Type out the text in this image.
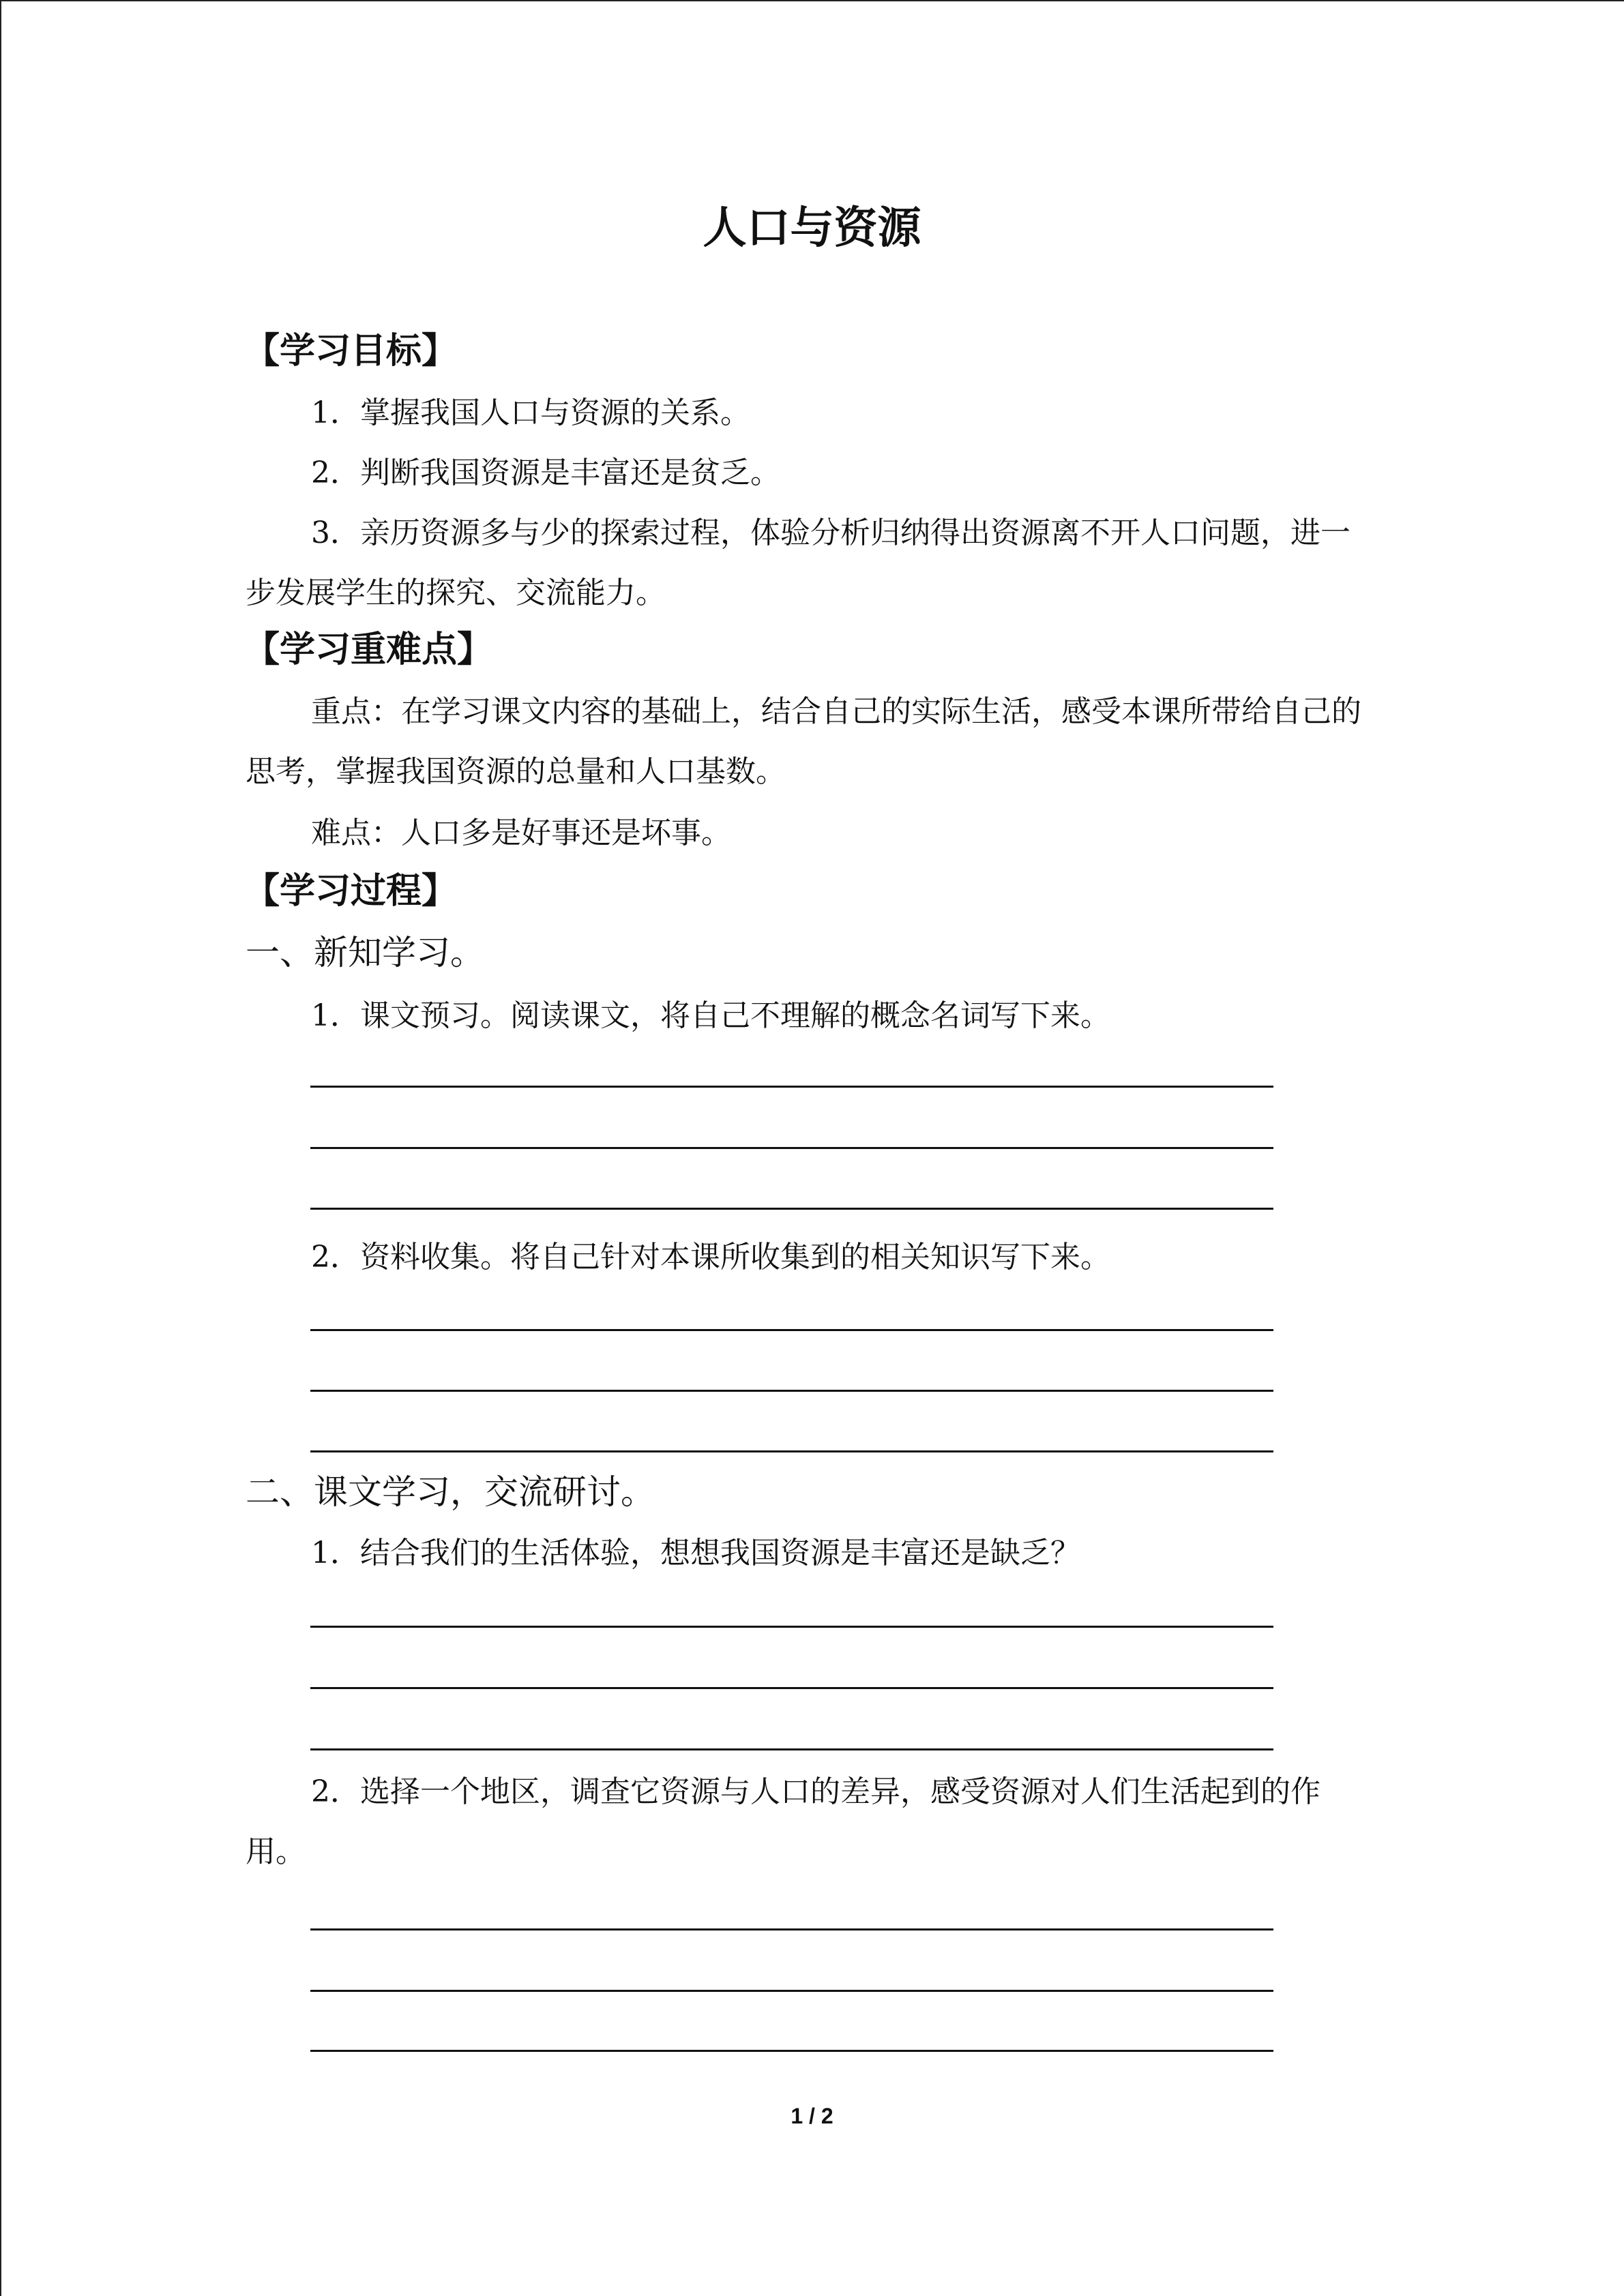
人口与资源
【学习目标】

1．掌握我国人口与资源的关系。

2．判断我国资源是丰富还是贫乏。

3．亲历资源多与少的探索过程，体验分析归纳得出资源离不开人口问题，进一步发展学生的探究、交流能力。

【学习重难点】

重点：在学习课文内容的基础上，结合自己的实际生活，感受本课所带给自己的思考，掌握我国资源的总量和人口基数。

难点：人口多是好事还是坏事。

【学习过程】
一、新知学习。

1．课文预习。阅读课文，将自己不理解的概念名词写下来。

2．资料收集。将自己针对本课所收集到的相关知识写下来。

二、课文学习，交流研讨。

1．结合我们的生活体验，想想我国资源是丰富还是缺乏？

2．选择一个地区，调查它资源与人口的差异，感受资源对人们生活起到的作用。

1 / 2
